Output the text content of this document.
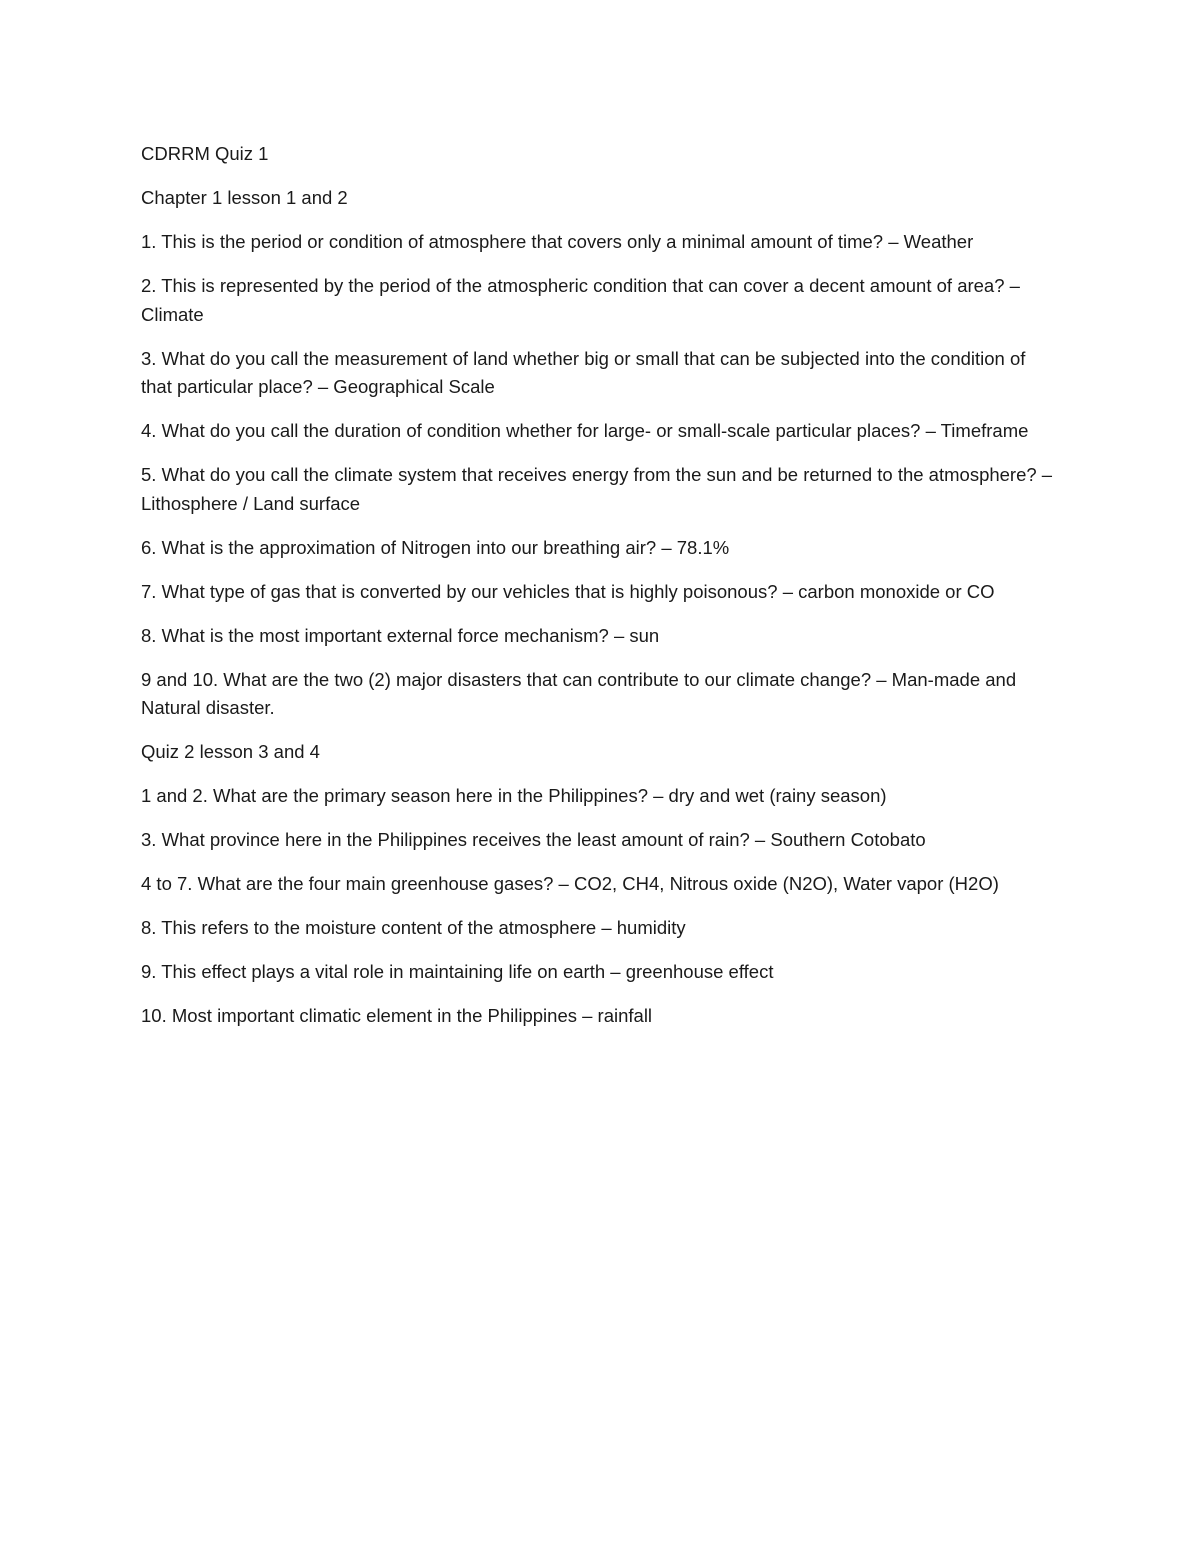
CDRRM Quiz 1

Chapter 1 lesson 1 and 2

1. This is the period or condition of atmosphere that covers only a minimal amount of time? – Weather

2. This is represented by the period of the atmospheric condition that can cover a decent amount of area? – Climate

3. What do you call the measurement of land whether big or small that can be subjected into the condition of that particular place? – Geographical Scale

4. What do you call the duration of condition whether for large- or small-scale particular places? – Timeframe

5. What do you call the climate system that receives energy from the sun and be returned to the atmosphere? – Lithosphere / Land surface

6. What is the approximation of Nitrogen into our breathing air? – 78.1%

7. What type of gas that is converted by our vehicles that is highly poisonous? – carbon monoxide or CO

8. What is the most important external force mechanism? – sun

9 and 10. What are the two (2) major disasters that can contribute to our climate change? – Man-made and Natural disaster.

Quiz 2 lesson 3 and 4

1 and 2. What are the primary season here in the Philippines? – dry and wet (rainy season)

3. What province here in the Philippines receives the least amount of rain? – Southern Cotobato

4 to 7. What are the four main greenhouse gases? – CO2, CH4, Nitrous oxide (N2O), Water vapor (H2O)

8. This refers to the moisture content of the atmosphere – humidity

9. This effect plays a vital role in maintaining life on earth – greenhouse effect

10. Most important climatic element in the Philippines – rainfall
